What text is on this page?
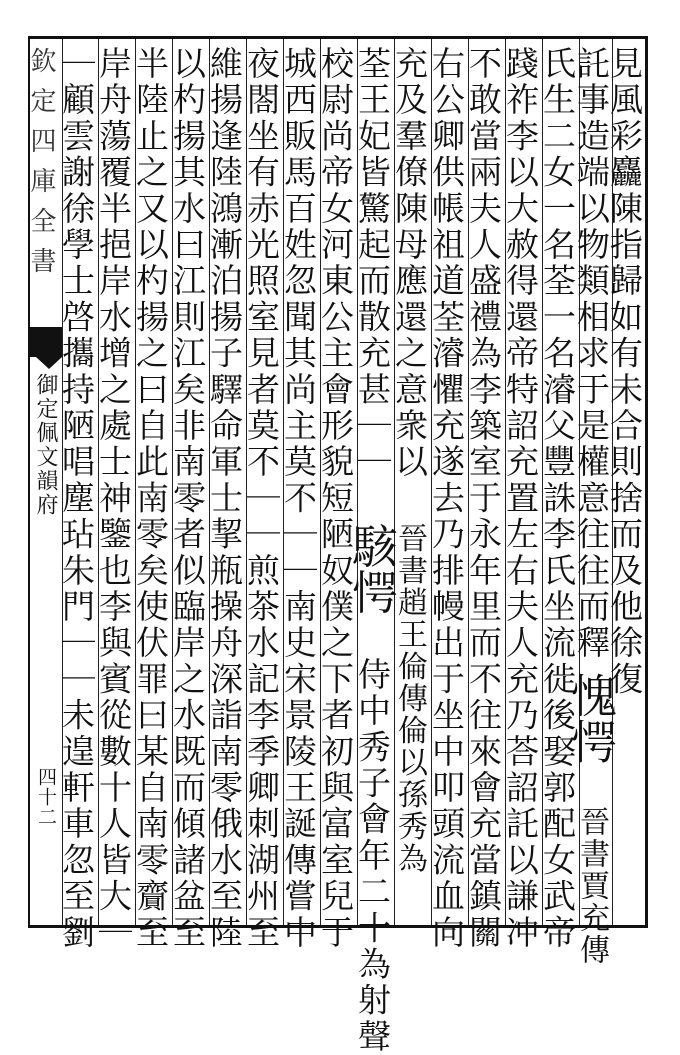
欽定四庫全書
御定佩文韻府
四十二
見風彩麤陳指歸如有未合則捨而及他徐復
託事造端以物類相求于是權意往往而釋
愧愕 晉書賈充傳
氏生二女一名荃一名濬父豐誅李氏坐流徙後娶郭配女武帝
踐祚李以大赦得還帝特詔充置左右夫人充乃荅詔託以謙冲
不敢當兩夫人盛禮為李築室于永年里而不往來會充當鎮關
右公卿供帳祖道荃濬懼充遂去乃排幔出于坐中叩頭流血向
充及羣僚陳母應還之意衆以 晉書趙王倫傳倫以孫秀為
荃王妃皆驚起而散充甚｜｜ 駭愕 侍中秀子會年二十為射聲
校尉尚帝女河東公主會形貌短陋奴僕之下者初與富室兒于
城西販馬百姓忽聞其尚主莫不｜｜南史宋景陵王誕傳嘗中
夜閤坐有赤光照室見者莫不｜｜煎茶水記李季卿刺湖州至
維揚逢陸鴻漸泊揚子驛命軍士挈瓶操舟深詣南零俄水至陸
以杓揚其水曰江則江矣非南零者似臨岸之水既而傾諸盆至
半陸止之又以杓揚之曰自此南零矣使伏罪曰某自南零齎至
岸舟蕩覆半挹岸水增之處士神鑒也李與賓從數十人皆大｜
｜顧雲謝徐學士啓攜持陋唱塵玷朱門｜｜未遑軒車忽至劉
